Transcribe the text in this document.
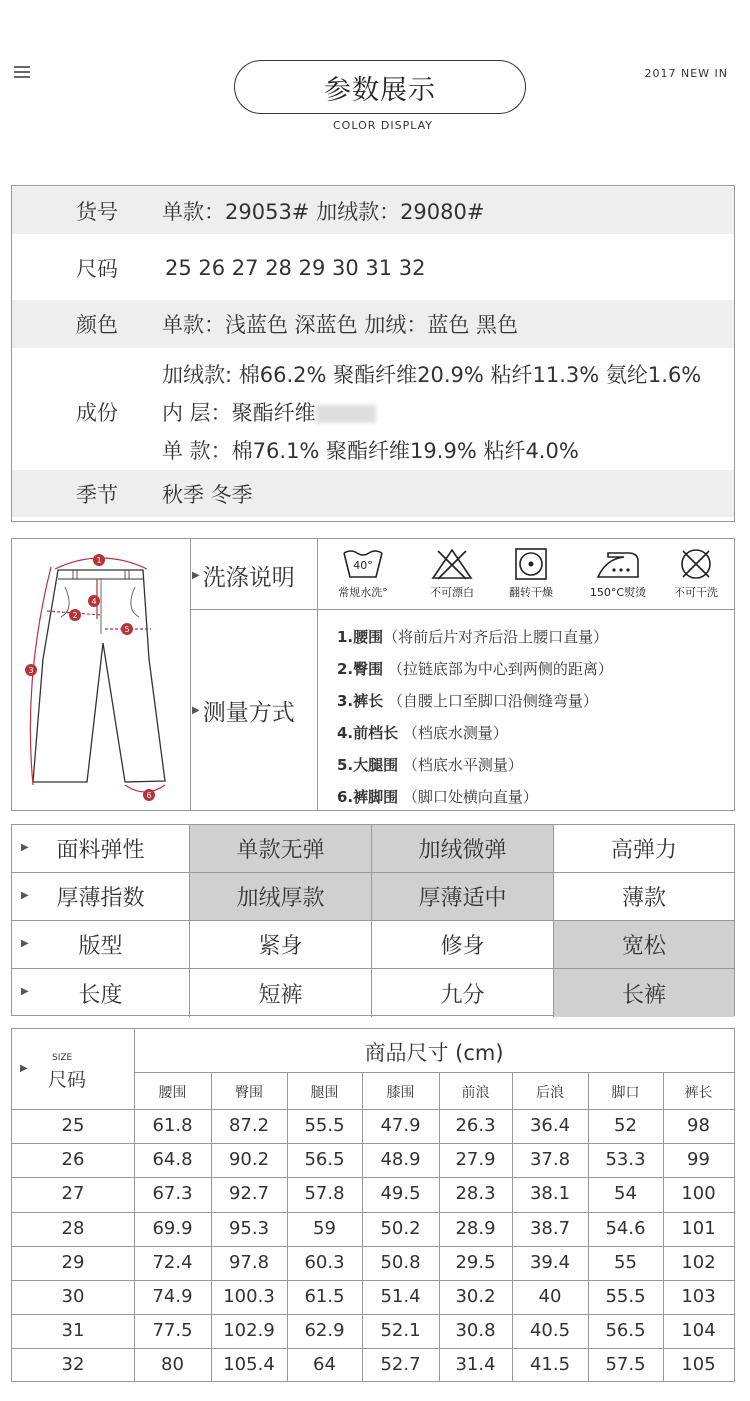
参数展示
COLOR DISPLAY
2017 NEW IN
货号	单款：29053# 加绒款：29080#
尺码	25 26 27 28 29 30 31 32
颜色	单款：浅蓝色 深蓝色 加绒：蓝色 黑色
成份
加绒款: 棉66.2% 聚酯纤维20.9% 粘纤11.3% 氨纶1.6%
内 层：聚酯纤维
单 款：棉76.1% 聚酯纤维19.9% 粘纤4.0%
季节	秋季 冬季
1
2
3
4
5
6
▶ 洗涤说明
▶ 测量方式
40°
常规水洗°	不可漂白	翻转干燥	150°C熨烫	不可干洗
1.腰围（将前后片对齐后沿上腰口直量）
2.臀围 （拉链底部为中心到两侧的距离）
3.裤长 （自腰上口至脚口沿侧缝弯量）
4.前档长 （档底水测量）
5.大腿围 （档底水平测量）
6.裤脚围 （脚口处横向直量）
▶ 面料弹性	单款无弹	加绒微弹	高弹力
▶ 厚薄指数	加绒厚款	厚薄适中	薄款
▶ 版型	紧身	修身	宽松
▶ 长度	短裤	九分	长裤
▶
SIZE
尺码
商品尺寸 (cm)
腰围	臀围	腿围	膝围	前浪	后浪	脚口	裤长
25	61.8	87.2	55.5	47.9	26.3	36.4	52	98
26	64.8	90.2	56.5	48.9	27.9	37.8	53.3	99
27	67.3	92.7	57.8	49.5	28.3	38.1	54	100
28	69.9	95.3	59	50.2	28.9	38.7	54.6	101
29	72.4	97.8	60.3	50.8	29.5	39.4	55	102
30	74.9	100.3	61.5	51.4	30.2	40	55.5	103
31	77.5	102.9	62.9	52.1	30.8	40.5	56.5	104
32	80	105.4	64	52.7	31.4	41.5	57.5	105
